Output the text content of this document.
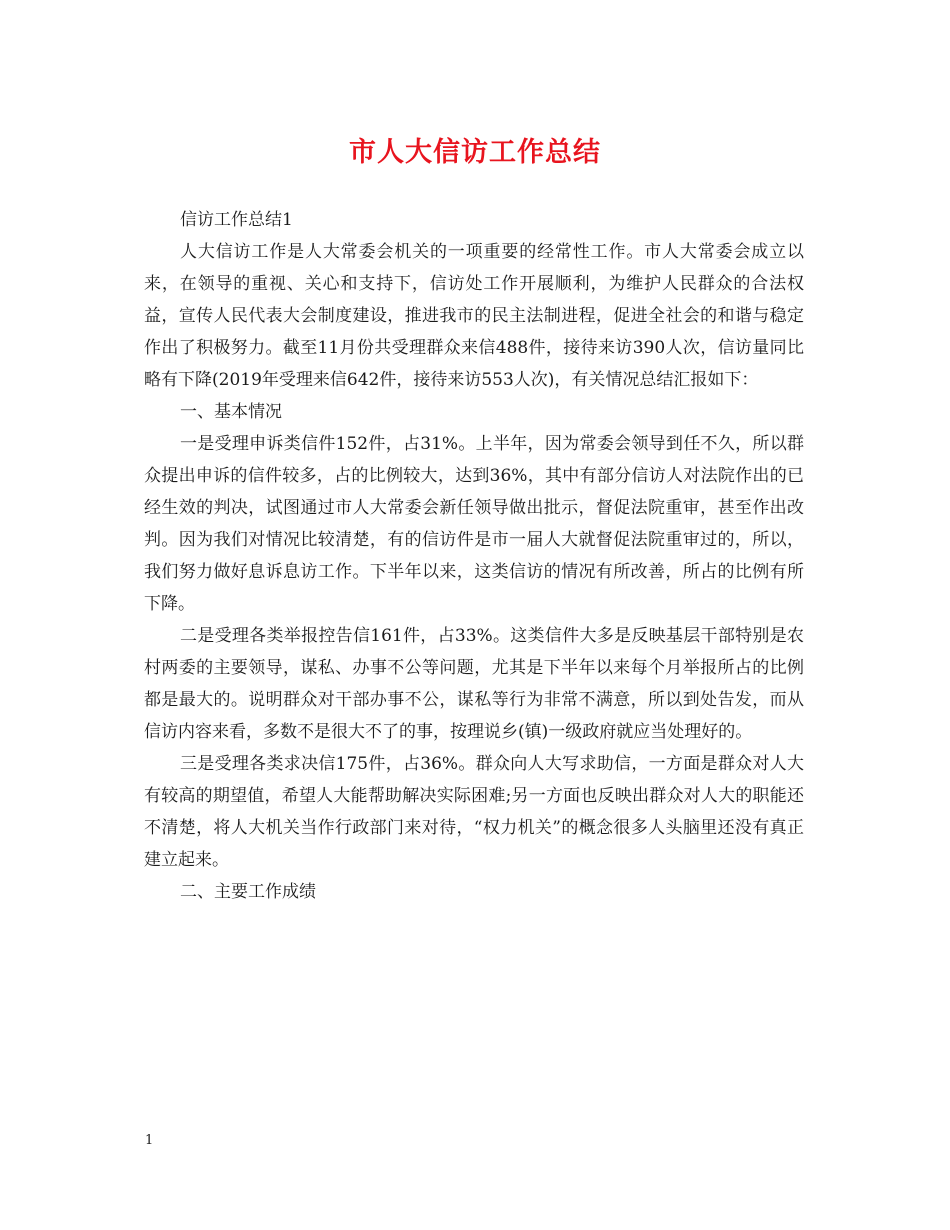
市人大信访工作总结

信访工作总结1

人大信访工作是人大常委会机关的一项重要的经常性工作。市人大常委会成立以来，在领导的重视、关心和支持下，信访处工作开展顺利，为维护人民群众的合法权益，宣传人民代表大会制度建设，推进我市的民主法制进程，促进全社会的和谐与稳定作出了积极努力。截至11月份共受理群众来信488件，接待来访390人次，信访量同比略有下降(2019年受理来信642件，接待来访553人次)，有关情况总结汇报如下：

一、基本情况

一是受理申诉类信件152件，占31%。上半年，因为常委会领导到任不久，所以群众提出申诉的信件较多，占的比例较大，达到36%，其中有部分信访人对法院作出的已经生效的判决，试图通过市人大常委会新任领导做出批示，督促法院重审，甚至作出改判。因为我们对情况比较清楚，有的信访件是市一届人大就督促法院重审过的，所以，我们努力做好息诉息访工作。下半年以来，这类信访的情况有所改善，所占的比例有所下降。

二是受理各类举报控告信161件，占33%。这类信件大多是反映基层干部特别是农村两委的主要领导，谋私、办事不公等问题，尤其是下半年以来每个月举报所占的比例都是最大的。说明群众对干部办事不公，谋私等行为非常不满意，所以到处告发，而从信访内容来看，多数不是很大不了的事，按理说乡(镇)一级政府就应当处理好的。

三是受理各类求决信175件，占36%。群众向人大写求助信，一方面是群众对人大有较高的期望值，希望人大能帮助解决实际困难;另一方面也反映出群众对人大的职能还不清楚，将人大机关当作行政部门来对待，“权力机关”的概念很多人头脑里还没有真正建立起来。

二、主要工作成绩

1
